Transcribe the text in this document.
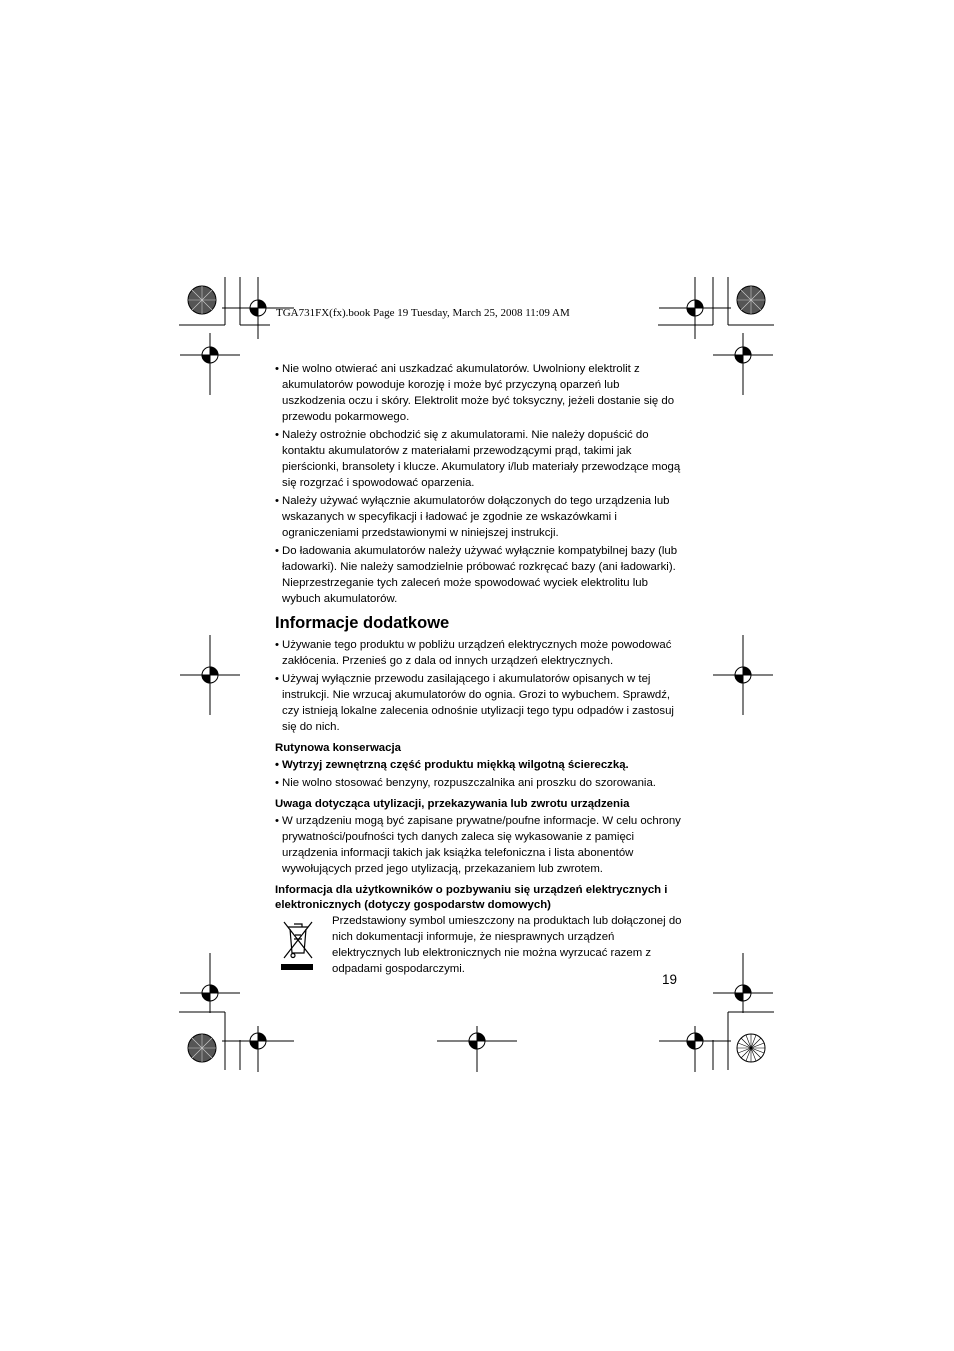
TGA731FX(fx).book Page 19 Tuesday, March 25, 2008 11:09 AM
• Nie wolno otwierać ani uszkadzać akumulatorów. Uwolniony elektrolit z akumulatorów powoduje korozję i może być przyczyną oparzeń lub uszkodzenia oczu i skóry. Elektrolit może być toksyczny, jeżeli dostanie się do przewodu pokarmowego.
• Należy ostrożnie obchodzić się z akumulatorami. Nie należy dopuścić do kontaktu akumulatorów z materiałami przewodzącymi prąd, takimi jak pierścionki, bransolety i klucze. Akumulatory i/lub materiały przewodzące mogą się rozgrzać i spowodować oparzenia.
• Należy używać wyłącznie akumulatorów dołączonych do tego urządzenia lub wskazanych w specyfikacji i ładować je zgodnie ze wskazówkami i ograniczeniami przedstawionymi w niniejszej instrukcji.
• Do ładowania akumulatorów należy używać wyłącznie kompatybilnej bazy (lub ładowarki). Nie należy samodzielnie próbować rozkręcać bazy (ani ładowarki). Nieprzestrzeganie tych zaleceń może spowodować wyciek elektrolitu lub wybuch akumulatorów.
Informacje dodatkowe
• Używanie tego produktu w pobliżu urządzeń elektrycznych może powodować zakłócenia. Przenieś go z dala od innych urządzeń elektrycznych.
• Używaj wyłącznie przewodu zasilającego i akumulatorów opisanych w tej instrukcji. Nie wrzucaj akumulatorów do ognia. Grozi to wybuchem. Sprawdź, czy istnieją lokalne zalecenia odnośnie utylizacji tego typu odpadów i zastosuj się do nich.
Rutynowa konserwacja
• Wytrzyj zewnętrzną część produktu miękką wilgotną ściereczką.
• Nie wolno stosować benzyny, rozpuszczalnika ani proszku do szorowania.
Uwaga dotycząca utylizacji, przekazywania lub zwrotu urządzenia
• W urządzeniu mogą być zapisane prywatne/poufne informacje. W celu ochrony prywatności/poufności tych danych zaleca się wykasowanie z pamięci urządzenia informacji takich jak książka telefoniczna i lista abonentów wywołujących przed jego utylizacją, przekazaniem lub zwrotem.
Informacja dla użytkowników o pozbywaniu się urządzeń elektrycznych i elektronicznych (dotyczy gospodarstw domowych)
Przedstawiony symbol umieszczony na produktach lub dołączonej do nich dokumentacji informuje, że niesprawnych urządzeń elektrycznych lub elektronicznych nie można wyrzucać razem z odpadami gospodarczymi.
19
